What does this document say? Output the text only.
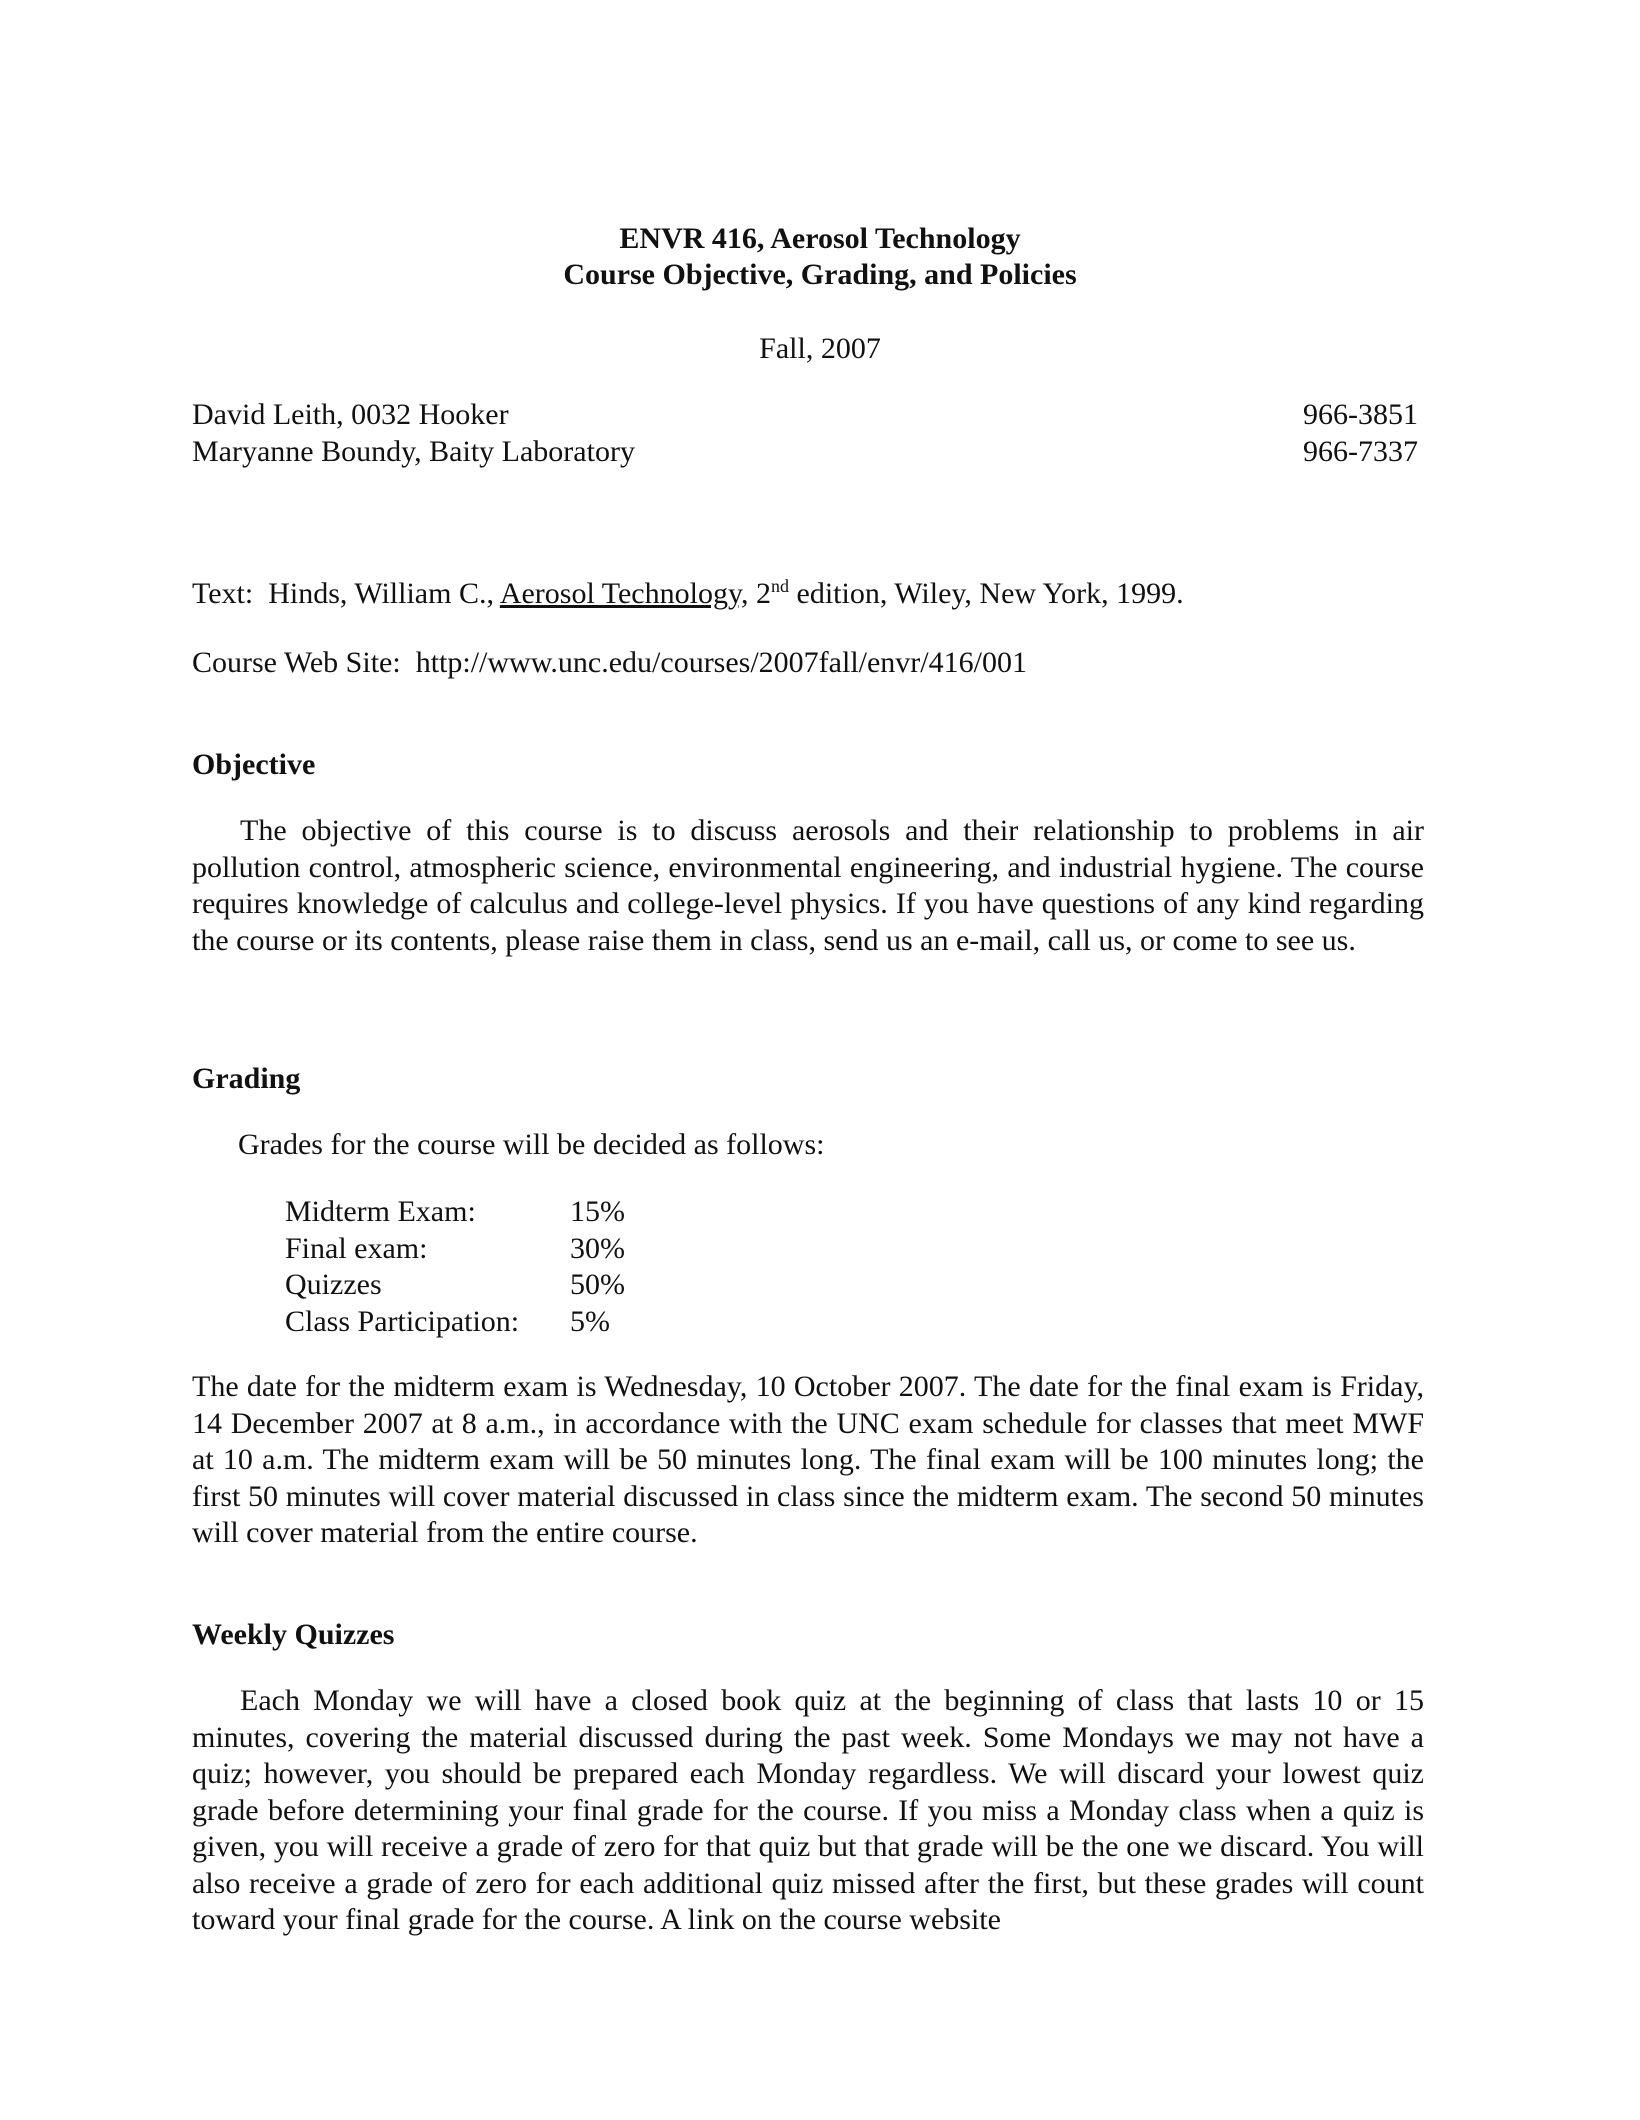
ENVR 416, Aerosol Technology
Course Objective, Grading, and Policies
Fall, 2007
David Leith, 0032 Hooker	966-3851
Maryanne Boundy, Baity Laboratory	966-7337
Text:  Hinds, William C., Aerosol Technology, 2nd edition, Wiley, New York, 1999.
Course Web Site:  http://www.unc.edu/courses/2007fall/envr/416/001
Objective
The objective of this course is to discuss aerosols and their relationship to problems in air pollution control, atmospheric science, environmental engineering, and industrial hygiene. The course requires knowledge of calculus and college-level physics. If you have questions of any kind regarding the course or its contents, please raise them in class, send us an e-mail, call us, or come to see us.
Grading
Grades for the course will be decided as follows:
Midterm Exam:	15%
Final exam:	30%
Quizzes	50%
Class Participation:	5%
The date for the midterm exam is Wednesday, 10 October 2007. The date for the final exam is Friday, 14 December 2007 at 8 a.m., in accordance with the UNC exam schedule for classes that meet MWF at 10 a.m. The midterm exam will be 50 minutes long. The final exam will be 100 minutes long; the first 50 minutes will cover material discussed in class since the midterm exam. The second 50 minutes will cover material from the entire course.
Weekly Quizzes
Each Monday we will have a closed book quiz at the beginning of class that lasts 10 or 15 minutes, covering the material discussed during the past week. Some Mondays we may not have a quiz; however, you should be prepared each Monday regardless. We will discard your lowest quiz grade before determining your final grade for the course. If you miss a Monday class when a quiz is given, you will receive a grade of zero for that quiz but that grade will be the one we discard. You will also receive a grade of zero for each additional quiz missed after the first, but these grades will count toward your final grade for the course. A link on the course website
